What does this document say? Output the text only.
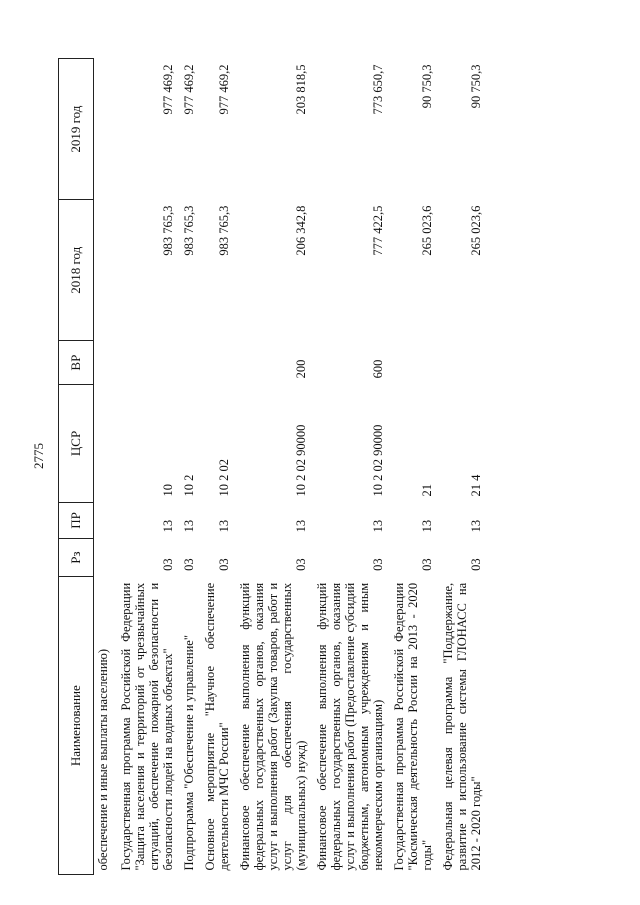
2775
Наименование	Рз	ПР	ЦСР	ВР	2018 год	2019 год
обеспечение и иные выплаты населению)						
Государственная программа Российской Федерации "Защита населения и территорий от чрезвычайных ситуаций, обеспечение пожарной безопасности и безопасности людей на водных объектах"	03	13	10		983 765,3	977 469,2
Подпрограмма "Обеспечение и управление"	03	13	10 2		983 765,3	977 469,2
Основное мероприятие "Научное обеспечение деятельности МЧС России"	03	13	10 2 02		983 765,3	977 469,2
Финансовое обеспечение выполнения функций федеральных государственных органов, оказания услуг и выполнения работ (Закупка товаров, работ и услуг для обеспечения государственных (муниципальных) нужд)	03	13	10 2 02 90000	200	206 342,8	203 818,5
Финансовое обеспечение выполнения функций федеральных государственных органов, оказания услуг и выполнения работ (Предоставление субсидий бюджетным, автономным учреждениям и иным некоммерческим организациям)	03	13	10 2 02 90000	600	777 422,5	773 650,7
Государственная программа Российской Федерации "Космическая деятельность России на 2013 - 2020 годы"	03	13	21		265 023,6	90 750,3
Федеральная целевая программа "Поддержание, развитие и использование системы ГЛОНАСС на 2012 - 2020 годы"	03	13	21 4		265 023,6	90 750,3
